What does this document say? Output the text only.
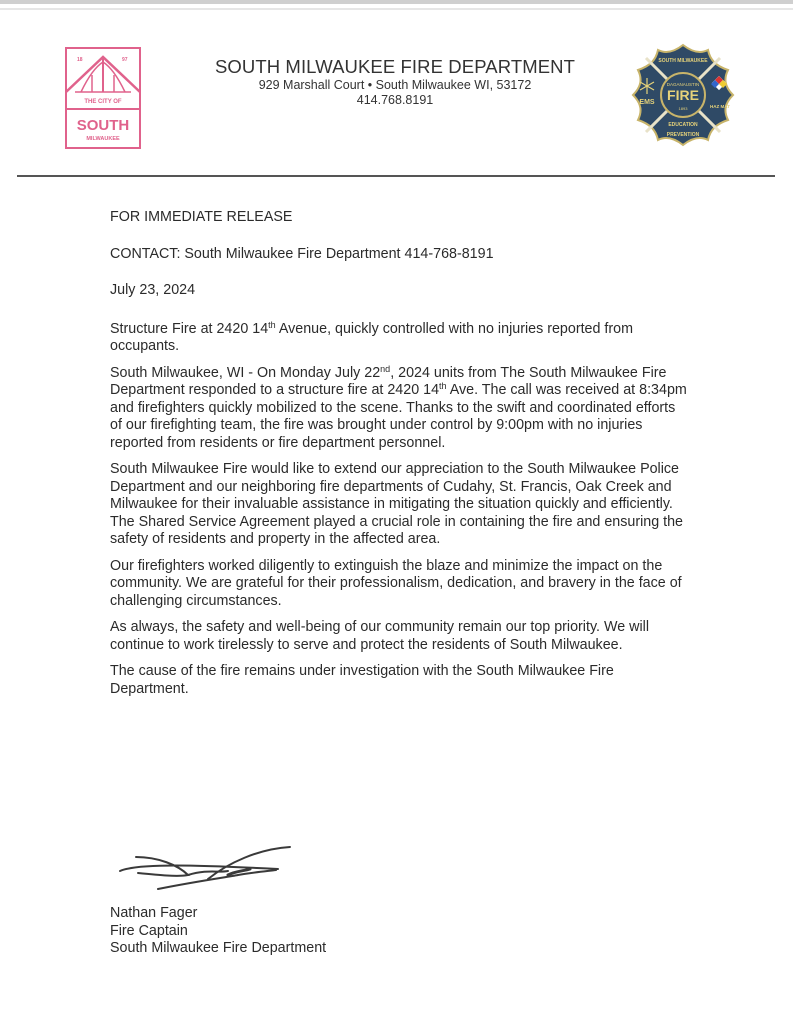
18	97
THE CITY OF
SOUTH
MILWAUKEE
SOUTH MILWAUKEE FIRE DEPARTMENT
929 Marshall Court • South Milwaukee WI, 53172
414.768.8191	FIRE
DAGANAUSTIN
1893
SOUTH MILWAUKEE
EMS
HAZ MAT
EDUCATION
PREVENTION

FOR IMMEDIATE RELEASE

CONTACT: South Milwaukee Fire Department 414-768-8191

July 23, 2024

Structure Fire at 2420 14th Avenue, quickly controlled with no injuries reported from occupants.

South Milwaukee, WI - On Monday July 22nd, 2024 units from The South Milwaukee Fire Department responded to a structure fire at 2420 14th Ave. The call was received at 8:34pm and firefighters quickly mobilized to the scene. Thanks to the swift and coordinated efforts of our firefighting team, the fire was brought under control by 9:00pm with no injuries reported from residents or fire department personnel.

South Milwaukee Fire would like to extend our appreciation to the South Milwaukee Police Department and our neighboring fire departments of Cudahy, St. Francis, Oak Creek and Milwaukee for their invaluable assistance in mitigating the situation quickly and efficiently. The Shared Service Agreement played a crucial role in containing the fire and ensuring the safety of residents and property in the affected area.

Our firefighters worked diligently to extinguish the blaze and minimize the impact on the community. We are grateful for their professionalism, dedication, and bravery in the face of challenging circumstances.

As always, the safety and well-being of our community remain our top priority. We will continue to work tirelessly to serve and protect the residents of South Milwaukee.

The cause of the fire remains under investigation with the South Milwaukee Fire Department.

Nathan Fager
Fire Captain
South Milwaukee Fire Department
